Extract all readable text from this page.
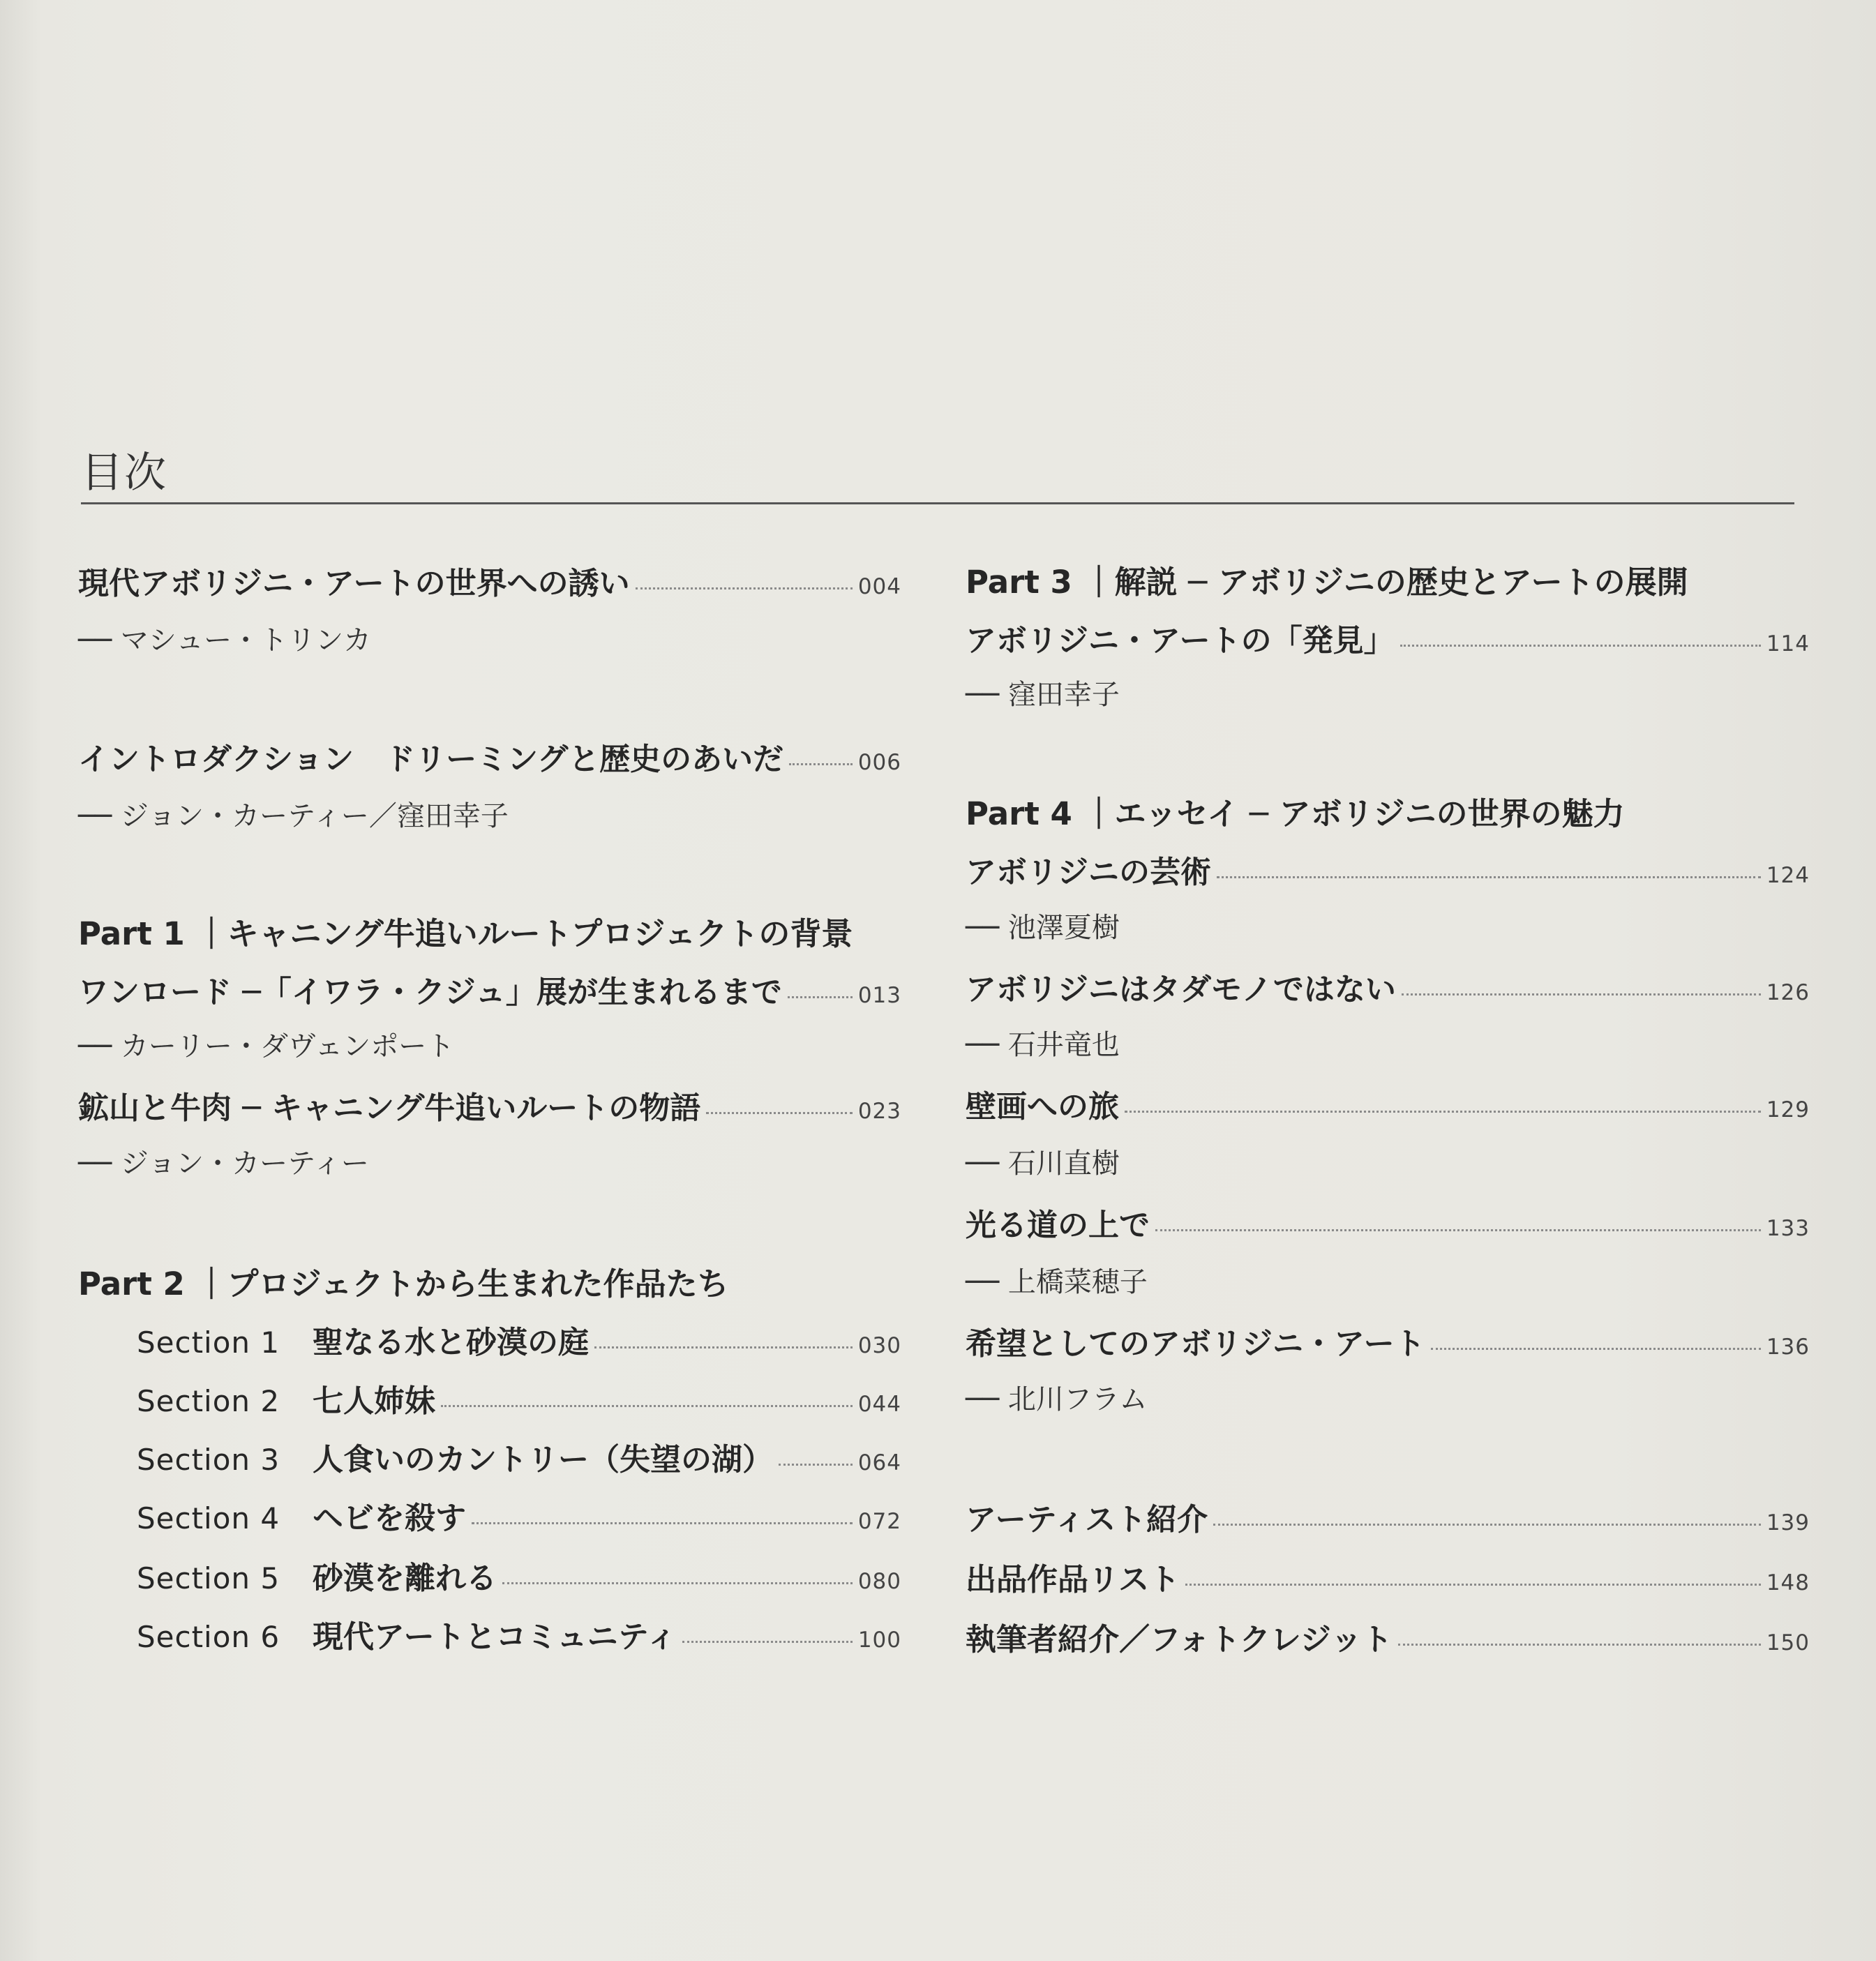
目次
現代アボリジニ・アートの世界への誘い	004
── マシュー・トリンカ
イントロダクション　ドリーミングと歴史のあいだ	006
── ジョン・カーティー／窪田幸子
Part 1 ｜キャニング牛追いルートプロジェクトの背景
ワンロード ─「イワラ・クジュ」展が生まれるまで	013
── カーリー・ダヴェンポート
鉱山と牛肉 ─ キャニング牛追いルートの物語	023
── ジョン・カーティー
Part 2 ｜プロジェクトから生まれた作品たち
Section 1 聖なる水と砂漠の庭	030
Section 2 七人姉妹	044
Section 3 人食いのカントリー（失望の湖）	064
Section 4 ヘビを殺す	072
Section 5 砂漠を離れる	080
Section 6 現代アートとコミュニティ	100
Part 3 ｜解説 ─ アボリジニの歴史とアートの展開
アボリジニ・アートの「発見」	114
── 窪田幸子
Part 4 ｜エッセイ ─ アボリジニの世界の魅力
アボリジニの芸術	124
── 池澤夏樹
アボリジニはタダモノではない	126
── 石井竜也
壁画への旅	129
── 石川直樹
光る道の上で	133
── 上橋菜穂子
希望としてのアボリジニ・アート	136
── 北川フラム
アーティスト紹介	139
出品作品リスト	148
執筆者紹介／フォトクレジット	150
